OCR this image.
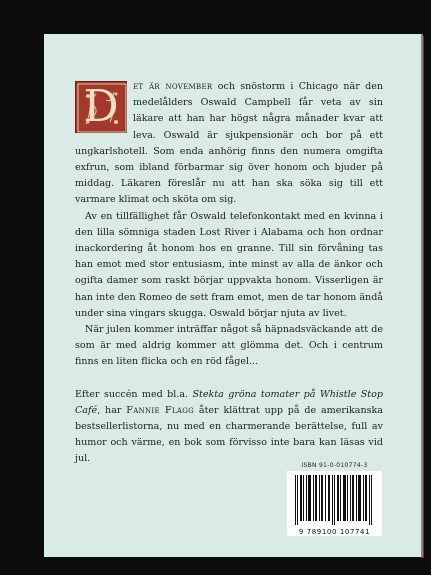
D	et är november och snöstorm i Chicago när den medelålders Oswald Campbell får veta av sin läkare att han har högst några månader kvar att leva. Oswald är sjukpensionär och bor på ett ungkarlshotell. Som enda anhörig finns den numera omgifta exfrun, som ibland förbarmar sig över honom och bjuder på middag. Läkaren föreslår nu att han ska söka sig till ett varmare klimat och sköta om sig.

Av en tillfällighet får Oswald telefonkontakt med en kvinna i den lilla sömniga staden Lost River i Alabama och hon ordnar inackordering åt honom hos en granne. Till sin förvåning tas han emot med stor entusiasm, inte minst av alla de änkor och ogifta damer som raskt börjar uppvakta honom. Visserligen är han inte den Romeo de sett fram emot, men de tar honom ändå under sina vingars skugga. Oswald börjar njuta av livet.

När julen kommer inträffar något så häpnadsväckande att de som är med aldrig kommer att glömma det. Och i centrum finns en liten flicka och en röd fågel...

Efter succén med bl.a. Stekta gröna tomater på Whistle Stop Café, har Fannie Flagg åter klättrat upp på de amerikanska bestsellerlistorna, nu med en charmerande berättelse, full av humor och värme, en bok som förvisso inte bara kan läsas vid jul.

ISBN 91-0-010774-3
9 789100 107741
